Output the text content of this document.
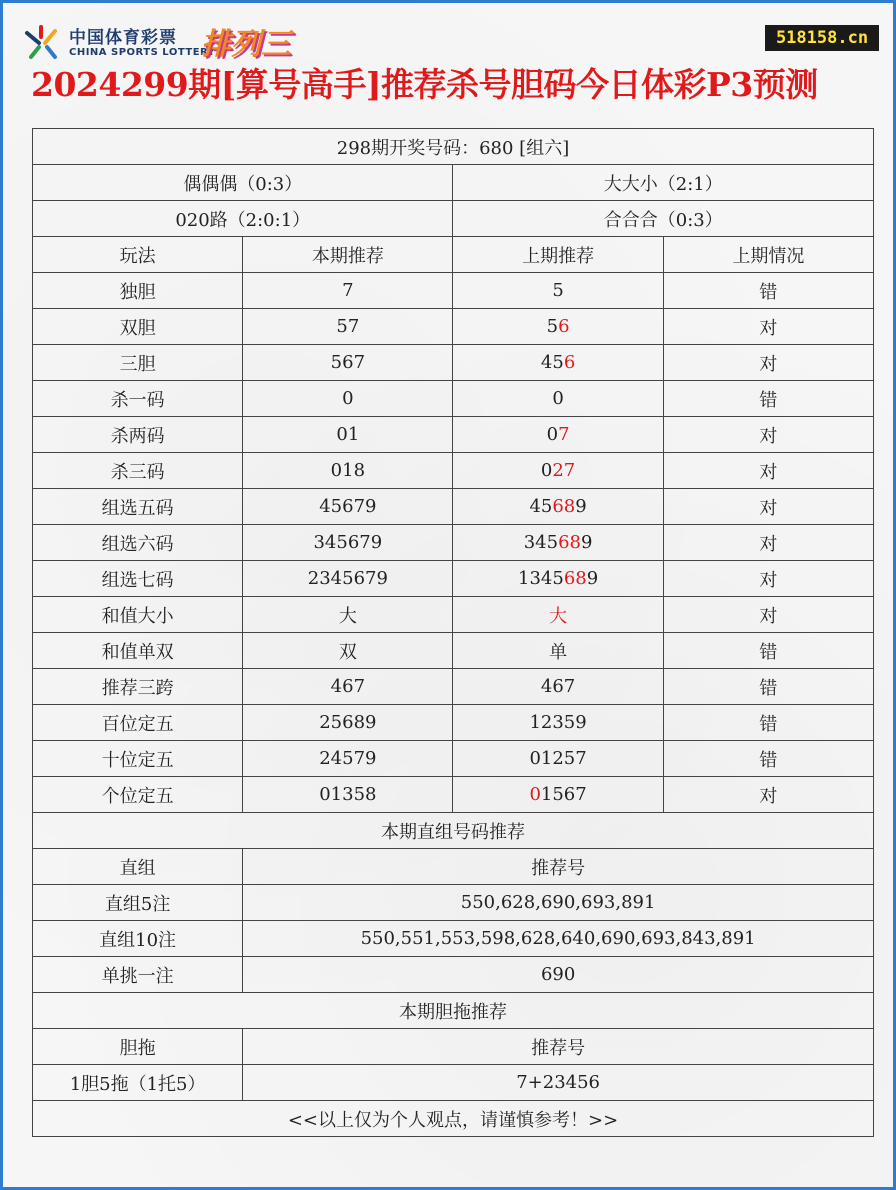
中国体育彩票
CHINA SPORTS LOTTERY
排列三	518158.cn
2024299期[算号高手]推荐杀号胆码今日体彩P3预测
298期开奖号码：680 [组六]			
偶偶偶（0:3）		大大小（2:1）	
020路（2:0:1）		合合合（0:3）	
玩法	本期推荐	上期推荐	上期情况
独胆	7	5	错
双胆	57	56	对
三胆	567	456	对
杀一码	0	0	错
杀两码	01	07	对
杀三码	018	027	对
组选五码	45679	45689	对
组选六码	345679	345689	对
组选七码	2345679	1345689	对
和值大小	大	大	对
和值单双	双	单	错
推荐三跨	467	467	错
百位定五	25689	12359	错
十位定五	24579	01257	错
个位定五	01358	01567	对
本期直组号码推荐			
直组	推荐号		
直组5注	550,628,690,693,891		
直组10注	550,551,553,598,628,640,690,693,843,891		
单挑一注	690		
本期胆拖推荐			
胆拖	推荐号		
1胆5拖（1托5）	7+23456		
<<以上仅为个人观点，请谨慎参考！>>			
